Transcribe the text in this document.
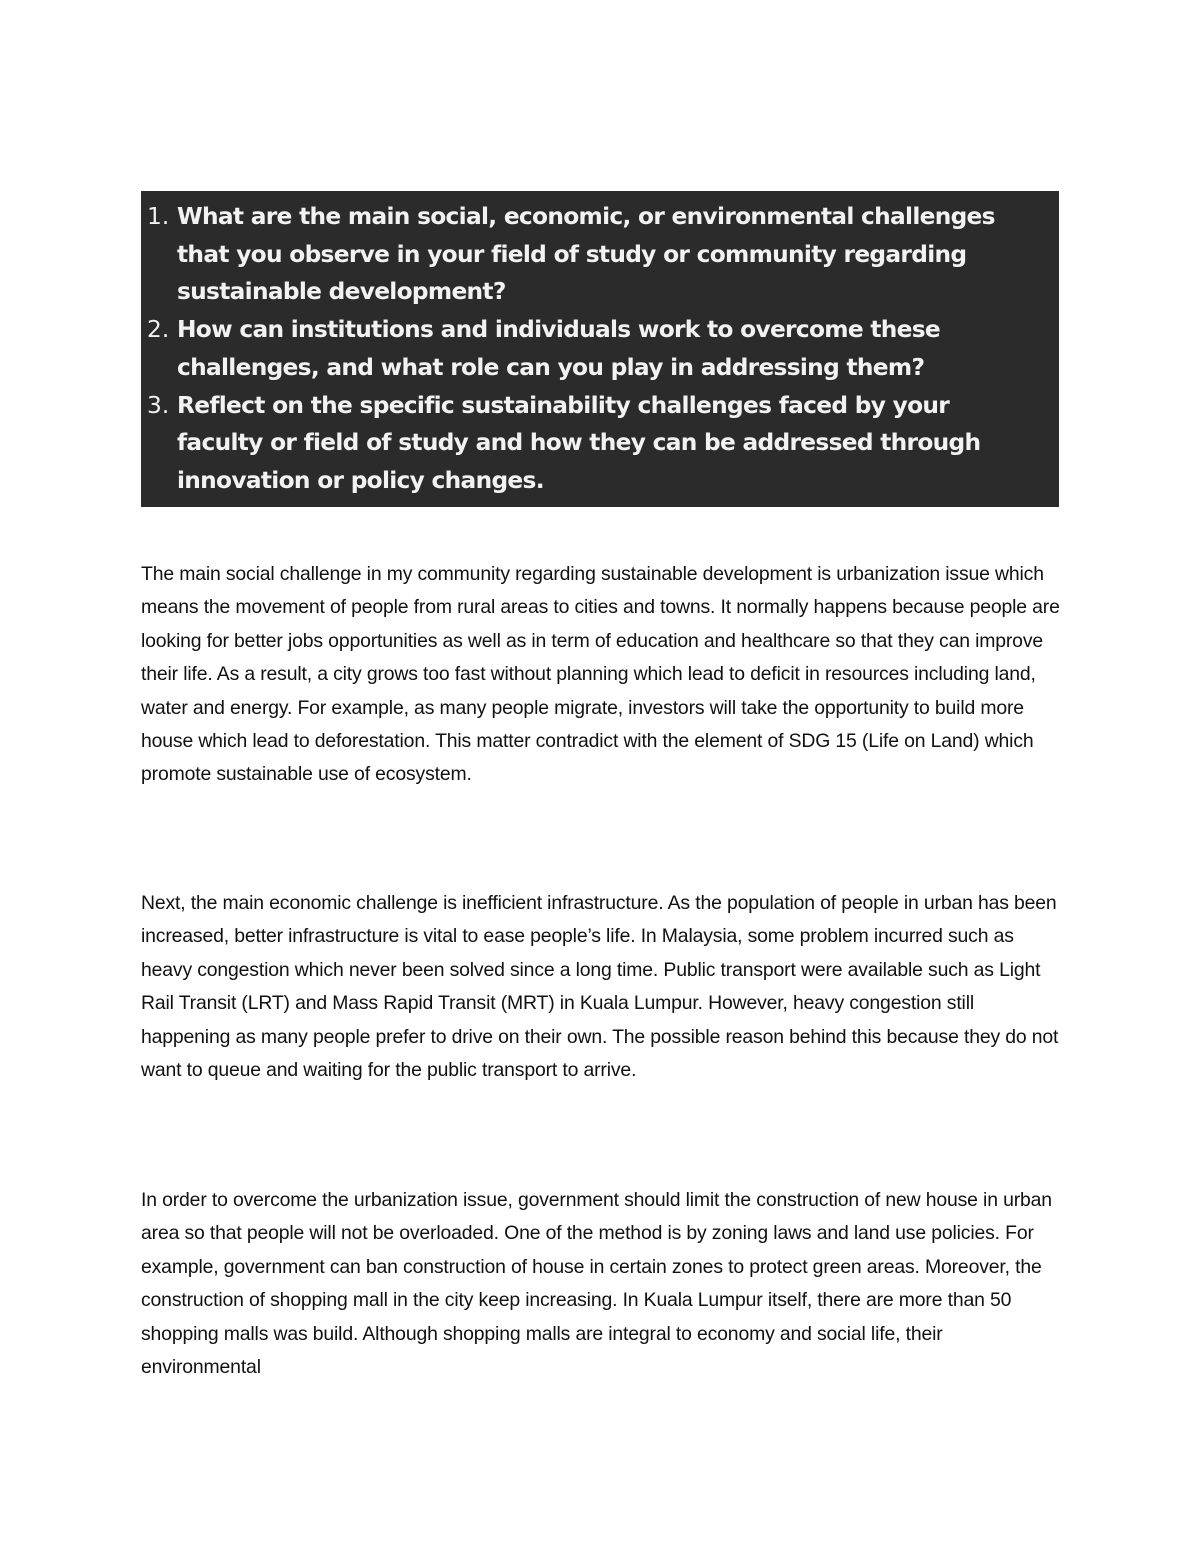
1. What are the main social, economic, or environmental challenges that you observe in your field of study or community regarding sustainable development?
2. How can institutions and individuals work to overcome these challenges, and what role can you play in addressing them?
3. Reflect on the specific sustainability challenges faced by your faculty or field of study and how they can be addressed through innovation or policy changes.

The main social challenge in my community regarding sustainable development is urbanization issue which means the movement of people from rural areas to cities and towns. It normally happens because people are looking for better jobs opportunities as well as in term of education and healthcare so that they can improve their life. As a result, a city grows too fast without planning which lead to deficit in resources including land, water and energy. For example, as many people migrate, investors will take the opportunity to build more house which lead to deforestation. This matter contradict with the element of SDG 15 (Life on Land) which promote sustainable use of ecosystem.

Next, the main economic challenge is inefficient infrastructure. As the population of people in urban has been increased, better infrastructure is vital to ease people’s life. In Malaysia, some problem incurred such as heavy congestion which never been solved since a long time. Public transport were available such as Light Rail Transit (LRT) and Mass Rapid Transit (MRT) in Kuala Lumpur. However, heavy congestion still happening as many people prefer to drive on their own. The possible reason behind this because they do not want to queue and waiting for the public transport to arrive.

In order to overcome the urbanization issue, government should limit the construction of new house in urban area so that people will not be overloaded. One of the method is by zoning laws and land use policies. For example, government can ban construction of house in certain zones to protect green areas. Moreover, the construction of shopping mall in the city keep increasing. In Kuala Lumpur itself, there are more than 50 shopping malls was build. Although shopping malls are integral to economy and social life, their environmental
